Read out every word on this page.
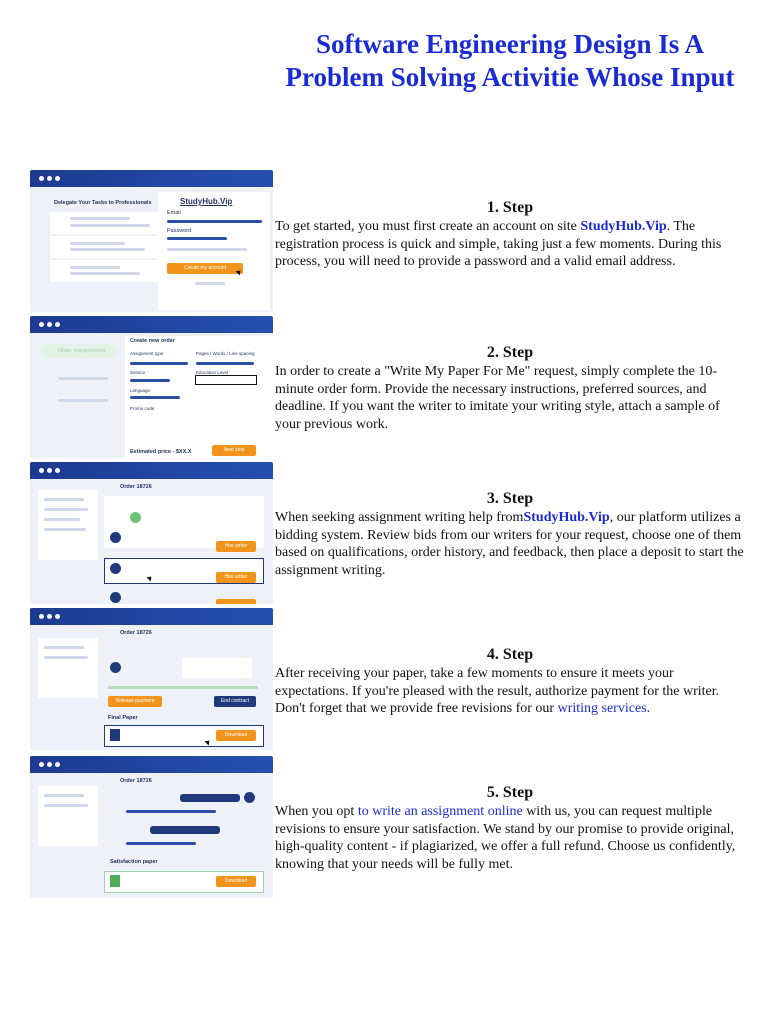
Software Engineering Design Is A Problem Solving Activitie Whose Input
Delegate Your Tasks to Professionals	StudyHub.Vip
Email
Password
Create my account
Order requirements
Create new order
Assignment type	Pages / Words / Line spacing
Service	Education Level
Language
Promo code
Estimated price - $XX.X	Next step
Order 18726
Hire writer
Hire writer
Order 18726
Release payment	End contract
Final Paper
Download
Order 18726
Satisfaction paper
Download
1. Step

To get started, you must first create an account on site StudyHub.Vip. The registration process is quick and simple, taking just a few moments. During this process, you will need to provide a password and a valid email address.

2. Step

In order to create a "Write My Paper For Me" request, simply complete the 10-minute order form. Provide the necessary instructions, preferred sources, and deadline. If you want the writer to imitate your writing style, attach a sample of your previous work.

3. Step

When seeking assignment writing help fromStudyHub.Vip, our platform utilizes a bidding system. Review bids from our writers for your request, choose one of them based on qualifications, order history, and feedback, then place a deposit to start the assignment writing.

4. Step

After receiving your paper, take a few moments to ensure it meets your expectations. If you're pleased with the result, authorize payment for the writer. Don't forget that we provide free revisions for our writing services.

5. Step

When you opt to write an assignment online with us, you can request multiple revisions to ensure your satisfaction. We stand by our promise to provide original, high-quality content - if plagiarized, we offer a full refund. Choose us confidently, knowing that your needs will be fully met.
